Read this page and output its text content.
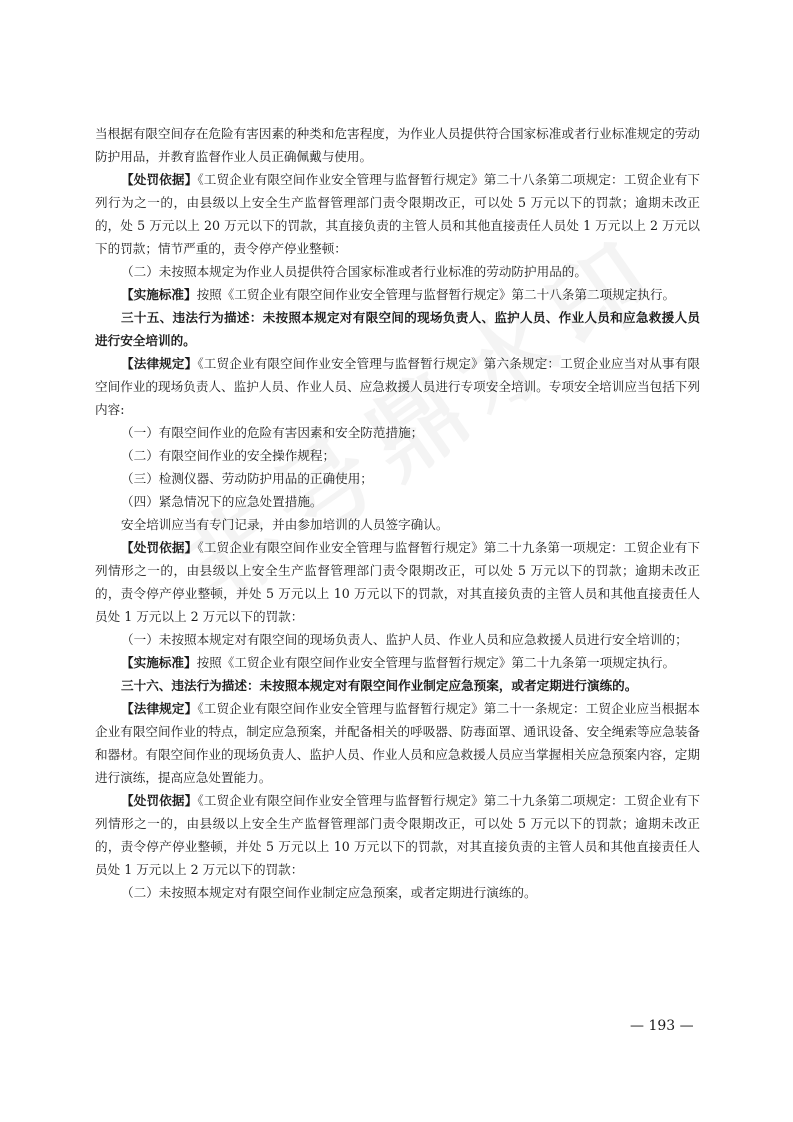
当根据有限空间存在危险有害因素的种类和危害程度，为作业人员提供符合国家标准或者行业标准规定的劳动防护用品，并教育监督作业人员正确佩戴与使用。

【处罚依据】《工贸企业有限空间作业安全管理与监督暂行规定》第二十八条第二项规定：工贸企业有下列行为之一的，由县级以上安全生产监督管理部门责令限期改正，可以处 5 万元以下的罚款；逾期未改正的，处 5 万元以上 20 万元以下的罚款，其直接负责的主管人员和其他直接责任人员处 1 万元以上 2 万元以下的罚款；情节严重的，责令停产停业整顿：

（二）未按照本规定为作业人员提供符合国家标准或者行业标准的劳动防护用品的。

【实施标准】按照《工贸企业有限空间作业安全管理与监督暂行规定》第二十八条第二项规定执行。

三十五、违法行为描述：未按照本规定对有限空间的现场负责人、监护人员、作业人员和应急救援人员进行安全培训的。

【法律规定】《工贸企业有限空间作业安全管理与监督暂行规定》第六条规定：工贸企业应当对从事有限空间作业的现场负责人、监护人员、作业人员、应急救援人员进行专项安全培训。专项安全培训应当包括下列内容:

（一）有限空间作业的危险有害因素和安全防范措施；

（二）有限空间作业的安全操作规程；

（三）检测仪器、劳动防护用品的正确使用；

（四）紧急情况下的应急处置措施。

安全培训应当有专门记录，并由参加培训的人员签字确认。

【处罚依据】《工贸企业有限空间作业安全管理与监督暂行规定》第二十九条第一项规定：工贸企业有下列情形之一的，由县级以上安全生产监督管理部门责令限期改正，可以处 5 万元以下的罚款；逾期未改正的，责令停产停业整顿，并处 5 万元以上 10 万元以下的罚款，对其直接负责的主管人员和其他直接责任人员处 1 万元以上 2 万元以下的罚款：

（一）未按照本规定对有限空间的现场负责人、监护人员、作业人员和应急救援人员进行安全培训的；

【实施标准】按照《工贸企业有限空间作业安全管理与监督暂行规定》第二十九条第一项规定执行。

三十六、违法行为描述：未按照本规定对有限空间作业制定应急预案，或者定期进行演练的。

【法律规定】《工贸企业有限空间作业安全管理与监督暂行规定》第二十一条规定：工贸企业应当根据本企业有限空间作业的特点，制定应急预案，并配备相关的呼吸器、防毒面罩、通讯设备、安全绳索等应急装备和器材。有限空间作业的现场负责人、监护人员、作业人员和应急救援人员应当掌握相关应急预案内容，定期进行演练，提高应急处置能力。

【处罚依据】《工贸企业有限空间作业安全管理与监督暂行规定》第二十九条第二项规定：工贸企业有下列情形之一的，由县级以上安全生产监督管理部门责令限期改正，可以处 5 万元以下的罚款；逾期未改正的，责令停产停业整顿，并处 5 万元以上 10 万元以下的罚款，对其直接负责的主管人员和其他直接责任人员处 1 万元以上 2 万元以下的罚款：

（二）未按照本规定对有限空间作业制定应急预案，或者定期进行演练的。

— 193 —
